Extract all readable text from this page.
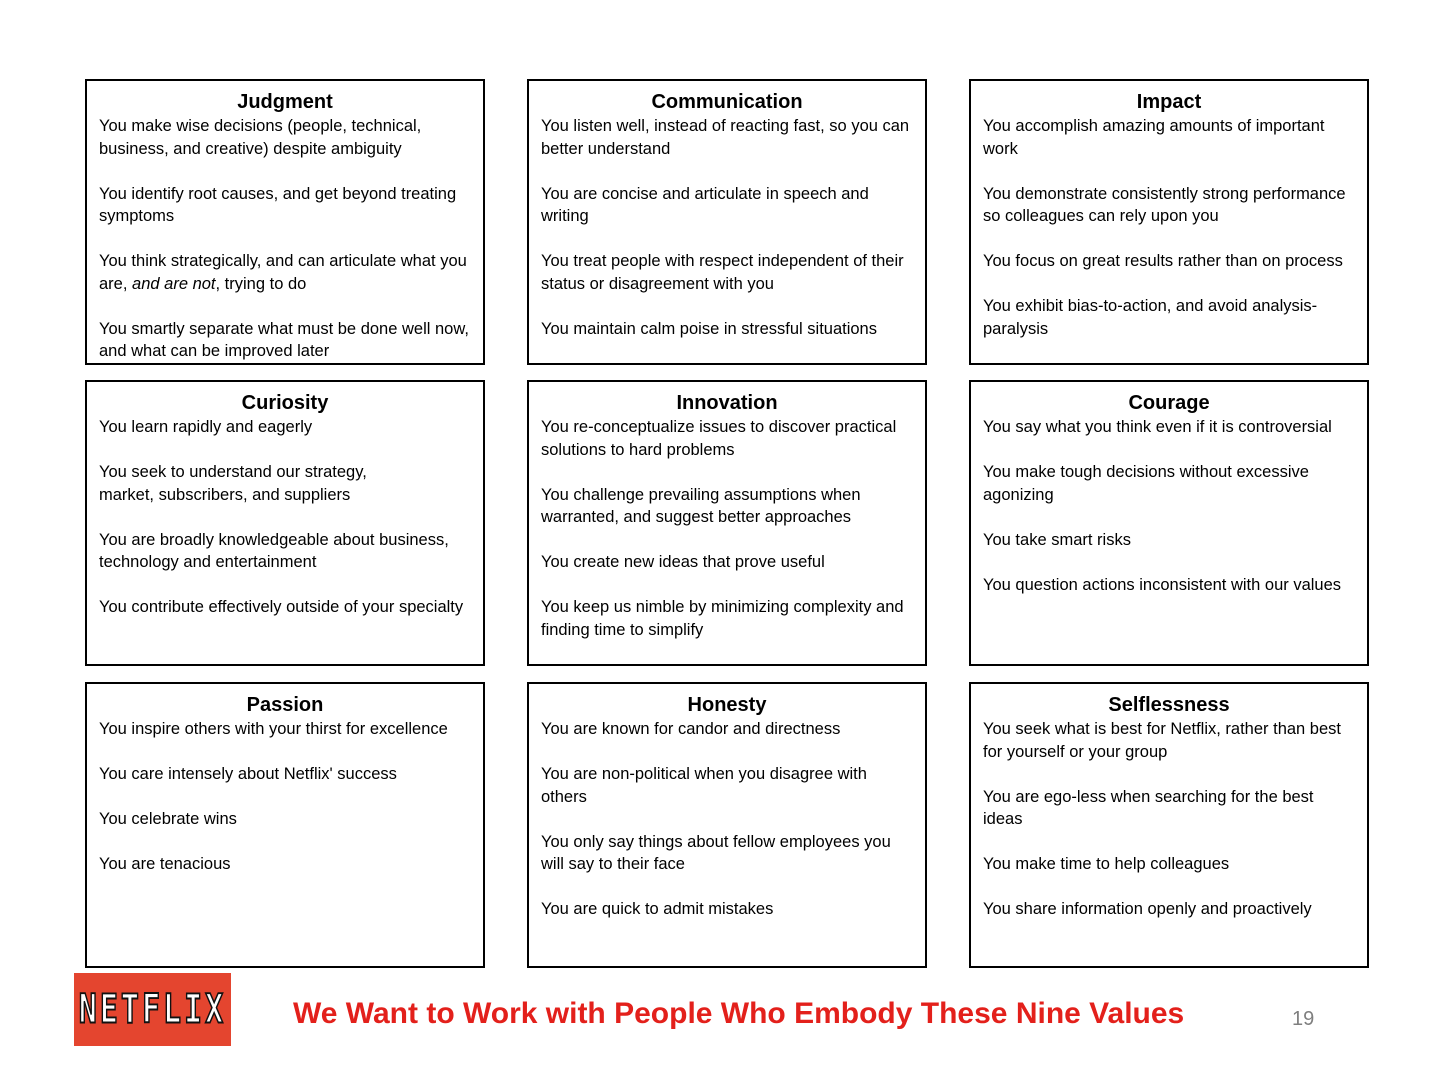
Judgment
You make wise decisions (people, technical, business, and creative) despite ambiguity
You identify root causes, and get beyond treating symptoms
You think strategically, and can articulate what you are, and are not, trying to do
You smartly separate what must be done well now, and what can be improved later
Communication
You listen well, instead of reacting fast, so you can better understand
You are concise and articulate in speech and writing
You treat people with respect independent of their status or disagreement with you
You maintain calm poise in stressful situations
Impact
You accomplish amazing amounts of important work
You demonstrate consistently strong performance so colleagues can rely upon you
You focus on great results rather than on process
You exhibit bias-to-action, and avoid analysis-paralysis
Curiosity
You learn rapidly and eagerly
You seek to understand our strategy, market, subscribers, and suppliers
You are broadly knowledgeable about business, technology and entertainment
You contribute effectively outside of your specialty
Innovation
You re-conceptualize issues to discover practical solutions to hard problems
You challenge prevailing assumptions when warranted, and suggest better approaches
You create new ideas that prove useful
You keep us nimble by minimizing complexity and finding time to simplify
Courage
You say what you think even if it is controversial
You make tough decisions without excessive agonizing
You take smart risks
You question actions inconsistent with our values
Passion
You inspire others with your thirst for excellence
You care intensely about Netflix' success
You celebrate wins
You are tenacious
Honesty
You are known for candor and directness
You are non-political when you disagree with others
You only say things about fellow employees you will say to their face
You are quick to admit mistakes
Selflessness
You seek what is best for Netflix, rather than best for yourself or your group
You are ego-less when searching for the best ideas
You make time to help colleagues
You share information openly and proactively
NETFLIX We Want to Work with People Who Embody These Nine Values	19
